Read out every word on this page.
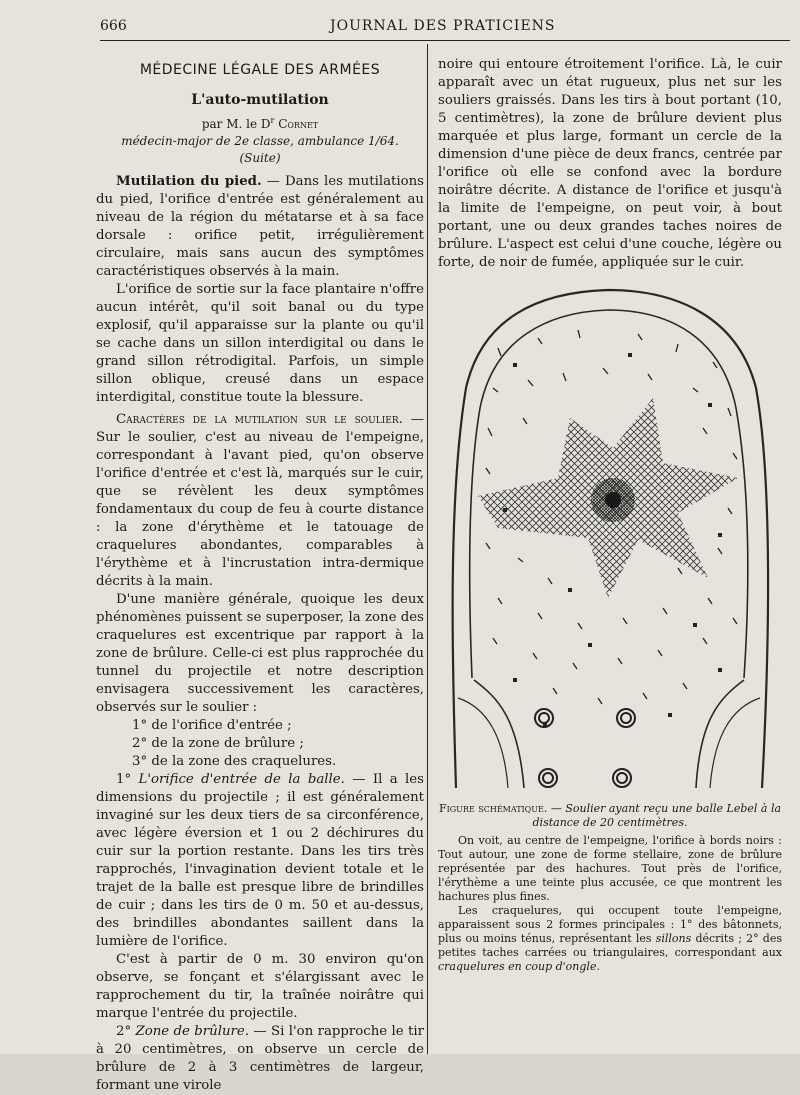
666	JOURNAL DES PRATICIENS
MÉDECINE LÉGALE DES ARMÉES
L'auto-mutilation

par M. le $D^r$ Cornet

médecin-major de 2e classe, ambulance 1/64.

(Suite)

Mutilation du pied. — Dans les mutilations du pied, l'orifice d'entrée est généralement au niveau de la région du métatarse et à sa face dorsale : orifice petit, irrégulièrement circulaire, mais sans aucun des symptômes caractéristiques observés à la main.

L'orifice de sortie sur la face plantaire n'offre aucun intérêt, qu'il soit banal ou du type explosif, qu'il apparaisse sur la plante ou qu'il se cache dans un sillon interdigital ou dans le grand sillon rétrodigital. Parfois, un simple sillon oblique, creusé dans un espace interdigital, constitue toute la blessure.

Caractères de la mutilation sur le soulier. — Sur le soulier, c'est au niveau de l'empeigne, correspondant à l'avant pied, qu'on observe l'orifice d'entrée et c'est là, marqués sur le cuir, que se révèlent les deux symptômes fondamentaux du coup de feu à courte distance : la zone d'érythème et le tatouage de craquelures abondantes, comparables à l'érythème et à l'incrustation intra-dermique décrits à la main.

D'une manière générale, quoique les deux phénomènes puissent se superposer, la zone des craquelures est excentrique par rapport à la zone de brûlure. Celle-ci est plus rapprochée du tunnel du projectile et notre description envisagera successivement les caractères, observés sur le soulier :

1° de l'orifice d'entrée ;
2° de la zone de brûlure ;
3° de la zone des craquelures.

1° L'orifice d'entrée de la balle. — Il a les dimensions du projectile ; il est généralement invaginé sur les deux tiers de sa circonférence, avec légère éversion et 1 ou 2 déchirures du cuir sur la portion restante. Dans les tirs très rapprochés, l'invagination devient totale et le trajet de la balle est presque libre de brindilles de cuir ; dans les tirs de 0 m. 50 et au-dessus, des brindilles abondantes saillent dans la lumière de l'orifice.

C'est à partir de 0 m. 30 environ qu'on observe, se fonçant et s'élargissant avec le rapprochement du tir, la traînée noirâtre qui marque l'entrée du projectile.

2° Zone de brûlure. — Si l'on rapproche le tir à 20 centimètres, on observe un cercle de brûlure de 2 à 3 centimètres de largeur, formant une virole

noire qui entoure étroitement l'orifice. Là, le cuir apparaît avec un état rugueux, plus net sur les souliers graissés. Dans les tirs à bout portant (10, 5 centimètres), la zone de brûlure devient plus marquée et plus large, formant un cercle de la dimension d'une pièce de deux francs, centrée par l'orifice où elle se confond avec la bordure noirâtre décrite. A distance de l'orifice et jusqu'à la limite de l'empeigne, on peut voir, à bout portant, une ou deux grandes taches noires de brûlure. L'aspect est celui d'une couche, légère ou forte, de noir de fumée, appliquée sur le cuir.

Figure schématique. — Soulier ayant reçu une balle Lebel à la distance de 20 centimètres.

On voit, au centre de l'empeigne, l'orifice à bords noirs : Tout autour, une zone de forme stellaire, zone de brûlure représentée par des hachures. Tout près de l'orifice, l'érythème a une teinte plus accusée, ce que montrent les hachures plus fines.

Les craquelures, qui occupent toute l'empeigne, apparaissent sous 2 formes principales : 1° des bâtonnets, plus ou moins ténus, représentant les sillons décrits ; 2° des petites taches carrées ou triangulaires, correspondant aux craquelures en coup d'ongle.
